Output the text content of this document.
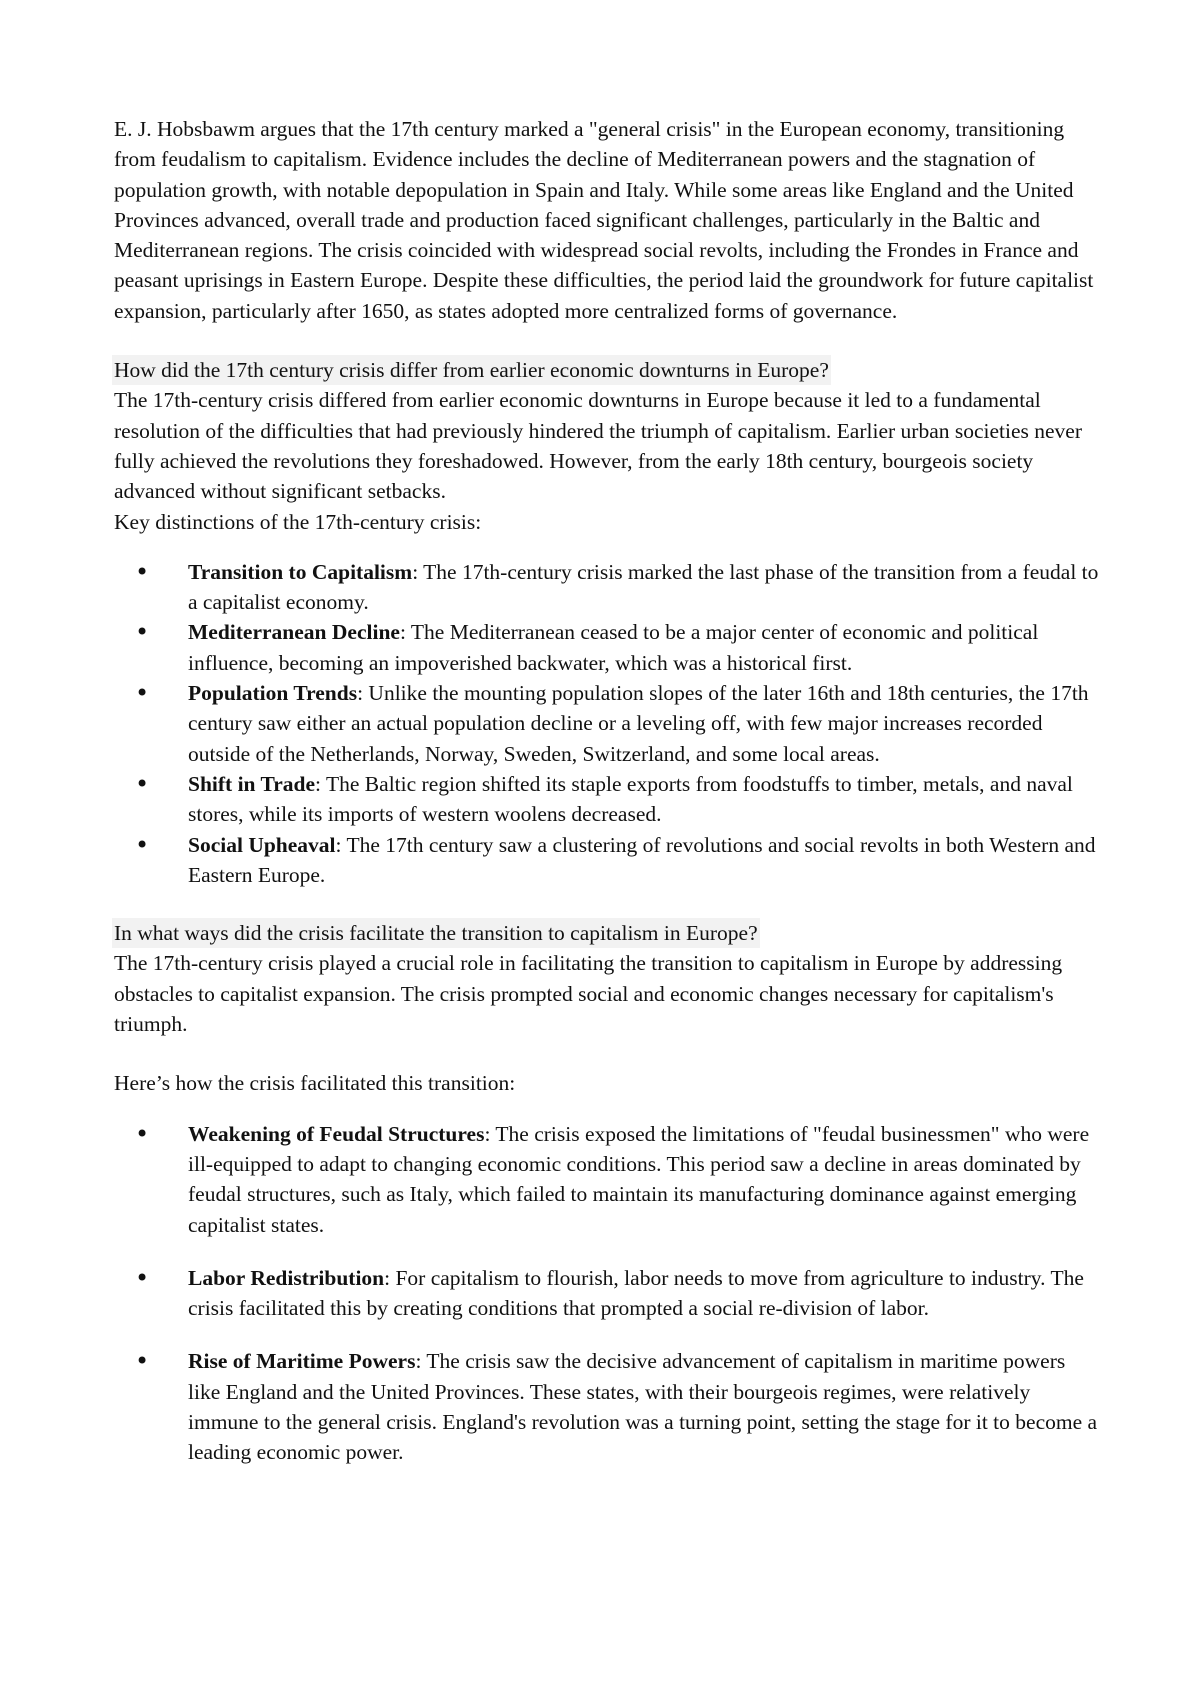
E. J. Hobsbawm argues that the 17th century marked a "general crisis" in the European economy, transitioning from feudalism to capitalism. Evidence includes the decline of Mediterranean powers and the stagnation of population growth, with notable depopulation in Spain and Italy. While some areas like England and the United Provinces advanced, overall trade and production faced significant challenges, particularly in the Baltic and Mediterranean regions. The crisis coincided with widespread social revolts, including the Frondes in France and peasant uprisings in Eastern Europe. Despite these difficulties, the period laid the groundwork for future capitalist expansion, particularly after 1650, as states adopted more centralized forms of governance.

How did the 17th century crisis differ from earlier economic downturns in Europe?

The 17th-century crisis differed from earlier economic downturns in Europe because it led to a fundamental resolution of the difficulties that had previously hindered the triumph of capitalism. Earlier urban societies never fully achieved the revolutions they foreshadowed. However, from the early 18th century, bourgeois society advanced without significant setbacks.

Key distinctions of the 17th-century crisis:

• Transition to Capitalism: The 17th-century crisis marked the last phase of the transition from a feudal to a capitalist economy.
• Mediterranean Decline: The Mediterranean ceased to be a major center of economic and political influence, becoming an impoverished backwater, which was a historical first.
• Population Trends: Unlike the mounting population slopes of the later 16th and 18th centuries, the 17th century saw either an actual population decline or a leveling off, with few major increases recorded outside of the Netherlands, Norway, Sweden, Switzerland, and some local areas.
• Shift in Trade: The Baltic region shifted its staple exports from foodstuffs to timber, metals, and naval stores, while its imports of western woolens decreased.
• Social Upheaval: The 17th century saw a clustering of revolutions and social revolts in both Western and Eastern Europe.

In what ways did the crisis facilitate the transition to capitalism in Europe?

The 17th-century crisis played a crucial role in facilitating the transition to capitalism in Europe by addressing obstacles to capitalist expansion. The crisis prompted social and economic changes necessary for capitalism's triumph.

Here’s how the crisis facilitated this transition:

• Weakening of Feudal Structures: The crisis exposed the limitations of "feudal businessmen" who were ill-equipped to adapt to changing economic conditions. This period saw a decline in areas dominated by feudal structures, such as Italy, which failed to maintain its manufacturing dominance against emerging capitalist states.
• Labor Redistribution: For capitalism to flourish, labor needs to move from agriculture to industry. The crisis facilitated this by creating conditions that prompted a social re-division of labor.
• Rise of Maritime Powers: The crisis saw the decisive advancement of capitalism in maritime powers like England and the United Provinces. These states, with their bourgeois regimes, were relatively immune to the general crisis. England's revolution was a turning point, setting the stage for it to become a leading economic power.
